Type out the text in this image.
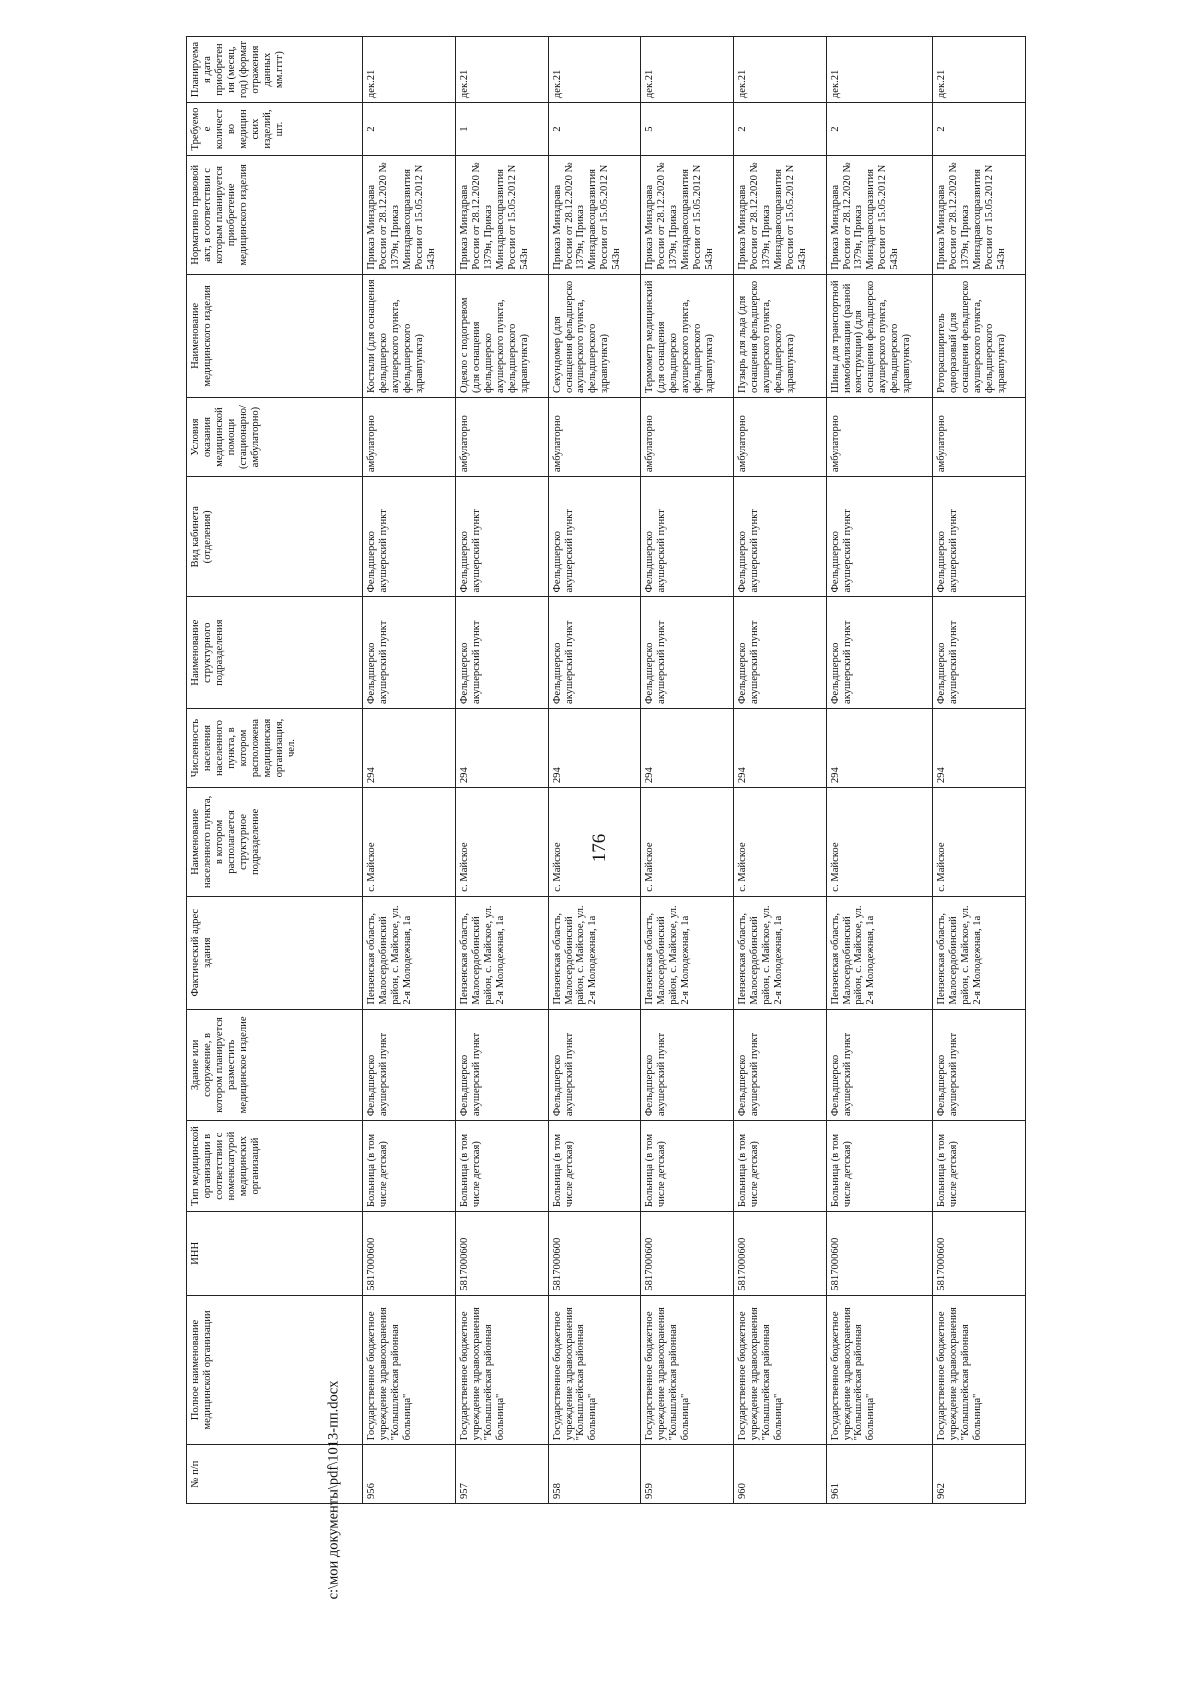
176
№ п/п	Полное наименование медицинской организации	ИНН	Тип медицинской организации в соответствии с номенклатурой медицинских организаций	Здание или сооружение, в котором планируется разместить медицинское изделие	Фактический адрес здания	Наименование населенного пункта, в котором располагается структурное подразделение	Численность населения населенного пункта, в котором расположена медицинская организация, чел.	Наименование структурного подразделения	Вид кабинета (отделения)	Условия оказания медицинской помощи (стационарно/ амбулаторно)	Наименование медицинского изделия	Нормативно правовой акт, в соответствии с которым планируется приобретение медицинского изделия	Требуемое количество медицинских изделий, шт.	Планируемая дата приобретения (месяц, год) (формат отражения данных мм.гггг)
956	Государственное бюджетное учреждение здравоохранения "Колышлейская районная больница"	5817000600	Больница (в том числе детская)	Фельдшерско акушерский пункт	Пензенская область, Малосердобинский район, с. Майское, ул. 2-я Молодежная, 1а	с. Майское	294	Фельдшерско акушерский пункт	Фельдшерско акушерский пункт	амбулаторно	Костыли (для оснащения фельдшерско акушерского пункта, фельдшерского здравпункта)	Приказ Минздрава России от 28.12.2020 № 1379н, Приказ Минздравсоцразвития России от 15.05.2012 N 543н	2	дек.21
957	Государственное бюджетное учреждение здравоохранения "Колышлейская районная больница"	5817000600	Больница (в том числе детская)	Фельдшерско акушерский пункт	Пензенская область, Малосердобинский район, с. Майское, ул. 2-я Молодежная, 1а	с. Майское	294	Фельдшерско акушерский пункт	Фельдшерско акушерский пункт	амбулаторно	Одеяло с подогревом (для оснащения фельдшерско акушерского пункта, фельдшерского здравпункта)	Приказ Минздрава России от 28.12.2020 № 1379н, Приказ Минздравсоцразвития России от 15.05.2012 N 543н	1	дек.21
958	Государственное бюджетное учреждение здравоохранения "Колышлейская районная больница"	5817000600	Больница (в том числе детская)	Фельдшерско акушерский пункт	Пензенская область, Малосердобинский район, с. Майское, ул. 2-я Молодежная, 1а	с. Майское	294	Фельдшерско акушерский пункт	Фельдшерско акушерский пункт	амбулаторно	Секундомер (для оснащения фельдшерско акушерского пункта, фельдшерского здравпункта)	Приказ Минздрава России от 28.12.2020 № 1379н, Приказ Минздравсоцразвития России от 15.05.2012 N 543н	2	дек.21
959	Государственное бюджетное учреждение здравоохранения "Колышлейская районная больница"	5817000600	Больница (в том числе детская)	Фельдшерско акушерский пункт	Пензенская область, Малосердобинский район, с. Майское, ул. 2-я Молодежная, 1а	с. Майское	294	Фельдшерско акушерский пункт	Фельдшерско акушерский пункт	амбулаторно	Термометр медицинский (для оснащения фельдшерско акушерского пункта, фельдшерского здравпункта)	Приказ Минздрава России от 28.12.2020 № 1379н, Приказ Минздравсоцразвития России от 15.05.2012 N 543н	5	дек.21
960	Государственное бюджетное учреждение здравоохранения "Колышлейская районная больница"	5817000600	Больница (в том числе детская)	Фельдшерско акушерский пункт	Пензенская область, Малосердобинский район, с. Майское, ул. 2-я Молодежная, 1а	с. Майское	294	Фельдшерско акушерский пункт	Фельдшерско акушерский пункт	амбулаторно	Пузырь для льда (для оснащения фельдшерско акушерского пункта, фельдшерского здравпункта)	Приказ Минздрава России от 28.12.2020 № 1379н, Приказ Минздравсоцразвития России от 15.05.2012 N 543н	2	дек.21
961	Государственное бюджетное учреждение здравоохранения "Колышлейская районная больница"	5817000600	Больница (в том числе детская)	Фельдшерско акушерский пункт	Пензенская область, Малосердобинский район, с. Майское, ул. 2-я Молодежная, 1а	с. Майское	294	Фельдшерско акушерский пункт	Фельдшерско акушерский пункт	амбулаторно	Шины для транспортной иммобилизации (разной конструкции) (для оснащения фельдшерско акушерского пункта, фельдшерского здравпункта)	Приказ Минздрава России от 28.12.2020 № 1379н, Приказ Минздравсоцразвития России от 15.05.2012 N 543н	2	дек.21
962	Государственное бюджетное учреждение здравоохранения "Колышлейская районная больница"	5817000600	Больница (в том числе детская)	Фельдшерско акушерский пункт	Пензенская область, Малосердобинский район, с. Майское, ул. 2-я Молодежная, 1а	с. Майское	294	Фельдшерско акушерский пункт	Фельдшерско акушерский пункт	амбулаторно	Роторасширитель одноразовый (для оснащения фельдшерско акушерского пункта, фельдшерского здравпункта)	Приказ Минздрава России от 28.12.2020 № 1379н, Приказ Минздравсоцразвития России от 15.05.2012 N 543н	2	дек.21
c:\мои документы\pdf\1013-пп.docx
